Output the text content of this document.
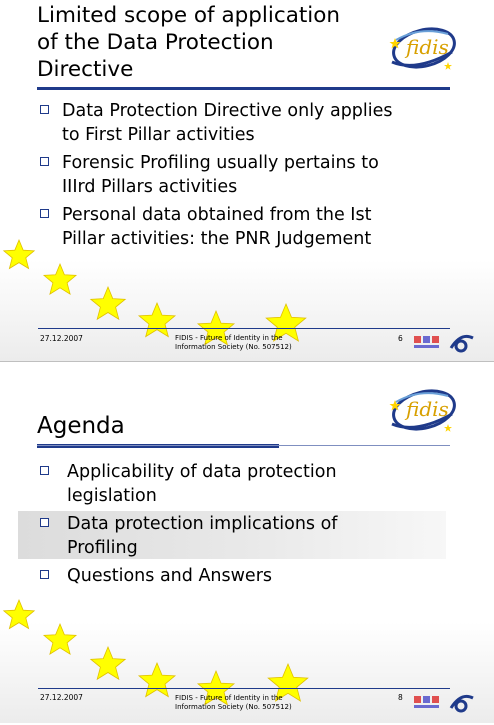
Limited scope of application
of the Data Protection
Directive
fidis
Data Protection Directive only applies
to First Pillar activities
Forensic Profiling usually pertains to
IIIrd Pillars activities
Personal data obtained from the Ist
Pillar activities: the PNR Judgement
27.12.2007	FIDIS - Future of Identity in the
Information Society (No. 507512)
6
fidis
Agenda
Applicability of data protection
legislation
Data protection implications of
Profiling
Questions and Answers
27.12.2007	FIDIS - Future of Identity in the
Information Society (No. 507512)
8
